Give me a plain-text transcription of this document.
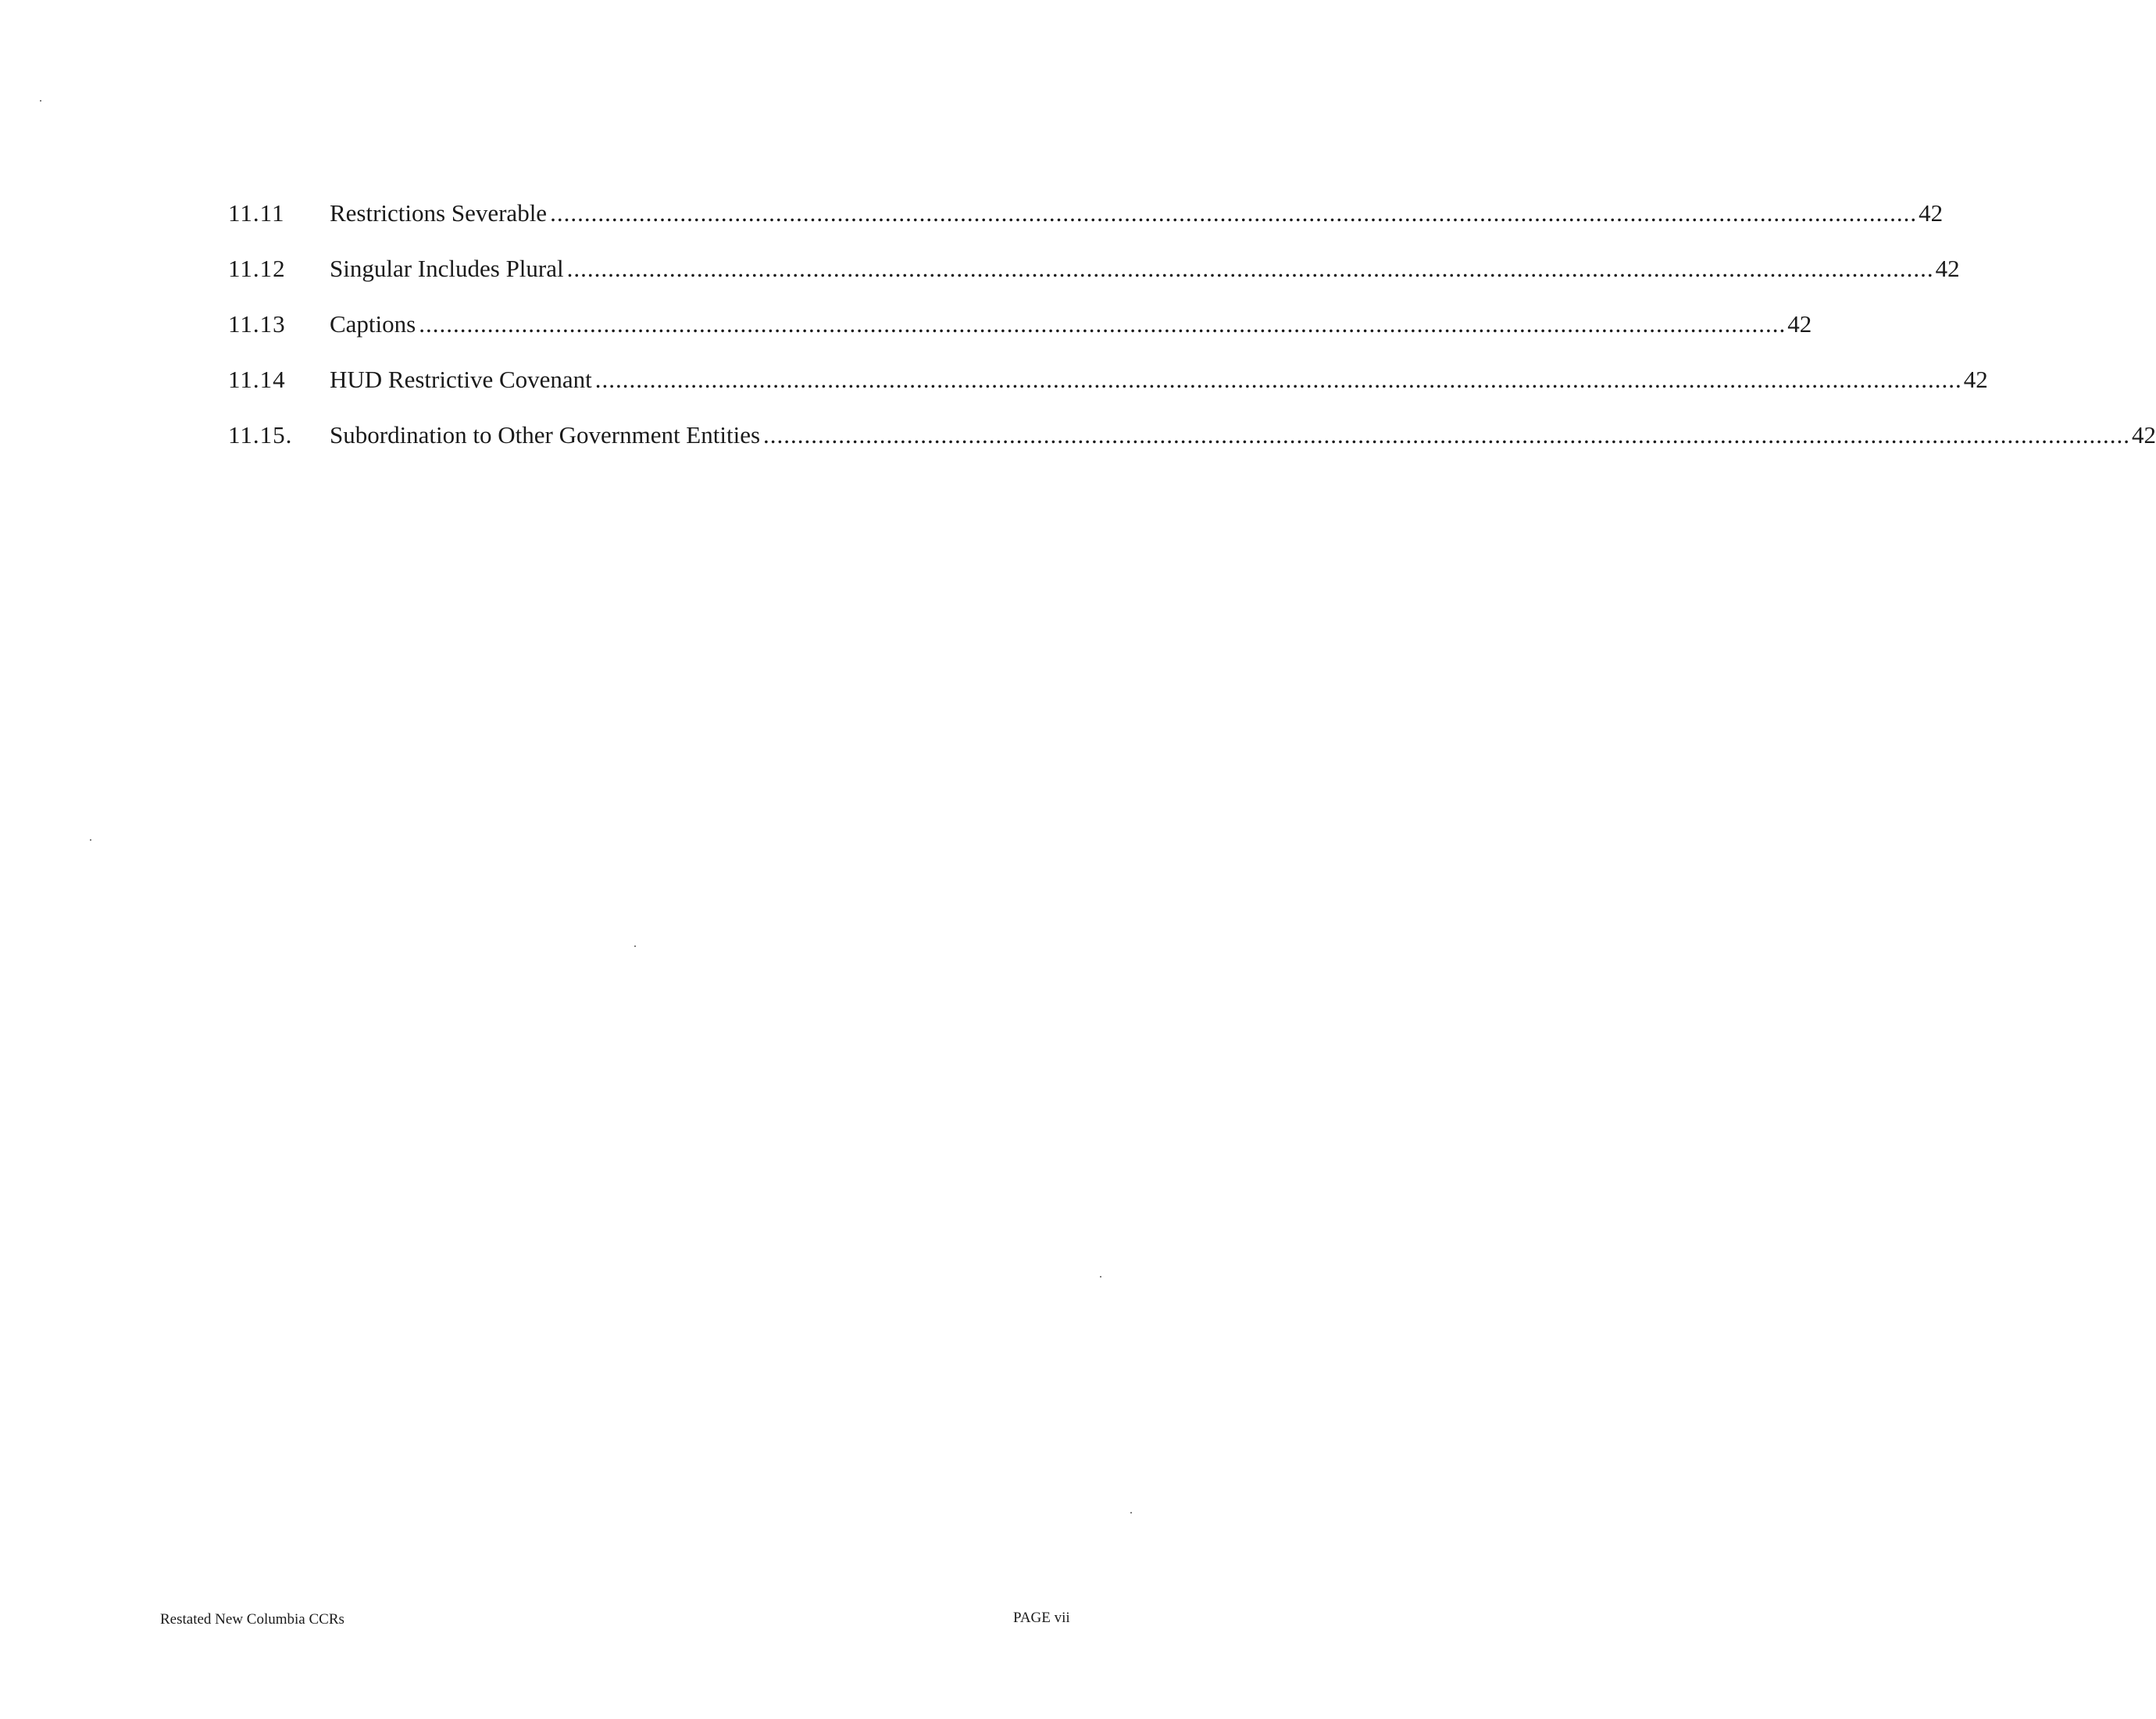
11.11 Restrictions Severable ........................................................................................................................................................................................................ 42
11.12 Singular Includes Plural ........................................................................................................................................................................................................ 42
11.13 Captions ........................................................................................................................................................................................................ 42
11.14 HUD Restrictive Covenant ........................................................................................................................................................................................................ 42
11.15. Subordination to Other Government Entities ........................................................................................................................................................................................................ 42
Restated New Columbia CCRs	PAGE vii
